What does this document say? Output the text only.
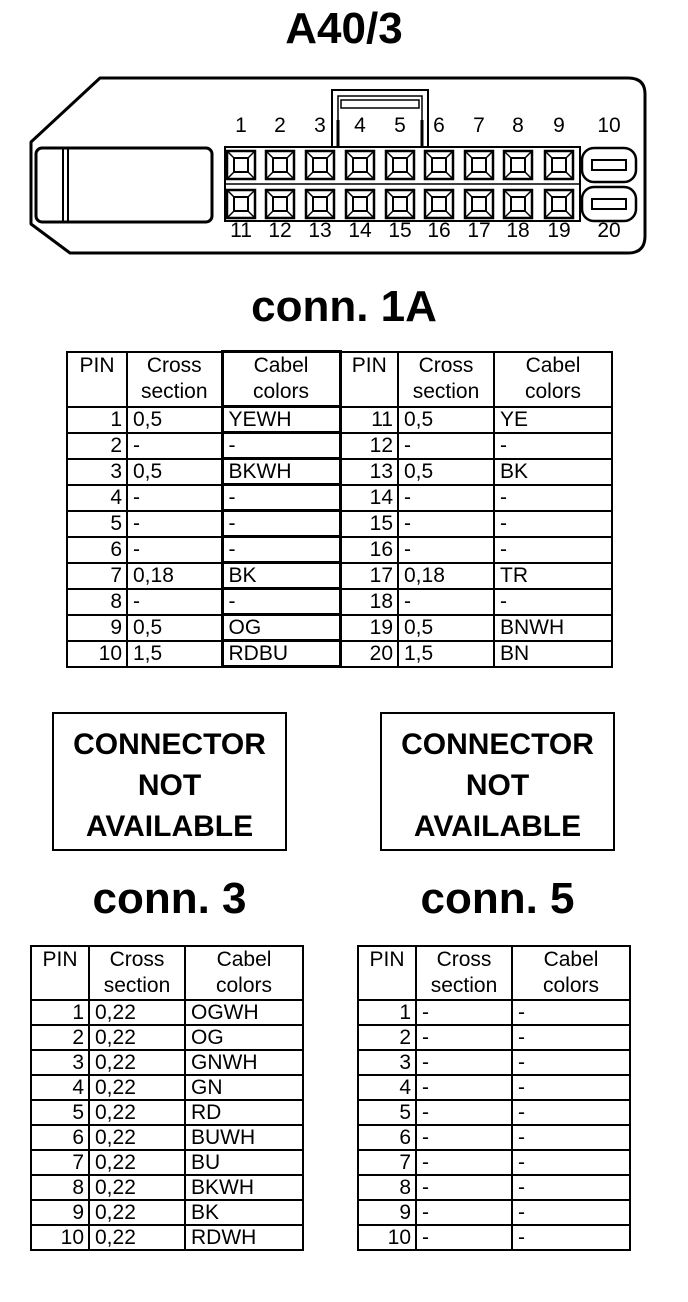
A40/3
1 2 3 4 5 6 7 8 9 10
11 12 13 14 15 16 17 18 19 20
conn. 1A
PIN	Cross section	Cabel colors	PIN	Cross section	Cabel colors
1	0,5	YEWH	11	0,5	YE
2	-	-	12	-	-
3	0,5	BKWH	13	0,5	BK
4	-	-	14	-	-
5	-	-	15	-	-
6	-	-	16	-	-
7	0,18	BK	17	0,18	TR
8	-	-	18	-	-
9	0,5	OG	19	0,5	BNWH
10	1,5	RDBU	20	1,5	BN
CONNECTOR
NOT
AVAILABLE
CONNECTOR
NOT
AVAILABLE
conn. 3	conn. 5
PIN	Cross section	Cabel colors
1	0,22	OGWH
2	0,22	OG
3	0,22	GNWH
4	0,22	GN
5	0,22	RD
6	0,22	BUWH
7	0,22	BU
8	0,22	BKWH
9	0,22	BK
10	0,22	RDWH
PIN	Cross section	Cabel colors
1	-	-
2	-	-
3	-	-
4	-	-
5	-	-
6	-	-
7	-	-
8	-	-
9	-	-
10	-	-
